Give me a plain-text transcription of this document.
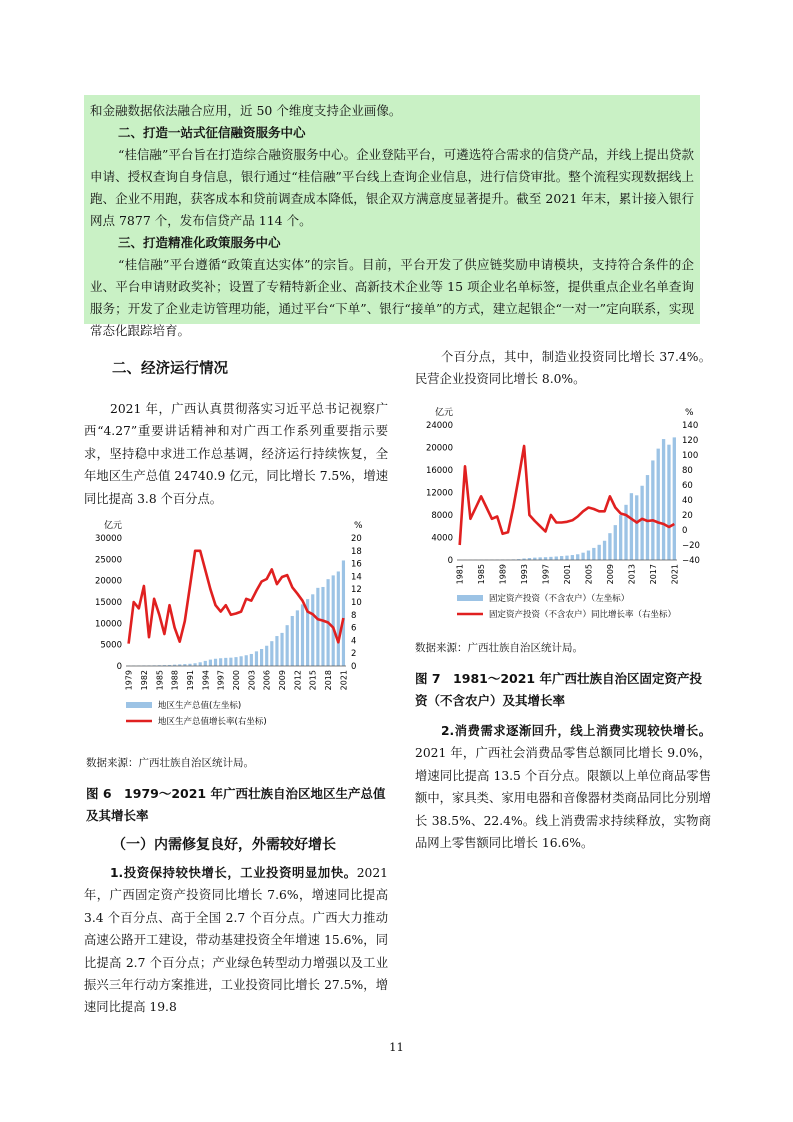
和金融数据依法融合应用，近 50 个维度支持企业画像。

二、打造一站式征信融资服务中心

“桂信融”平台旨在打造综合融资服务中心。企业登陆平台，可遴选符合需求的信贷产品，并线上提出贷款申请、授权查询自身信息，银行通过“桂信融”平台线上查询企业信息，进行信贷审批。整个流程实现数据线上跑、企业不用跑，获客成本和贷前调查成本降低，银企双方满意度显著提升。截至 2021 年末，累计接入银行网点 7877 个，发布信贷产品 114 个。

三、打造精准化政策服务中心

“桂信融”平台遵循“政策直达实体”的宗旨。目前，平台开发了供应链奖励申请模块，支持符合条件的企业、平台申请财政奖补；设置了专精特新企业、高新技术企业等 15 项企业名单标签，提供重点企业名单查询服务；开发了企业走访管理功能，通过平台“下单”、银行“接单”的方式，建立起银企“一对一”定向联系，实现常态化跟踪培育。

二、经济运行情况

2021 年，广西认真贯彻落实习近平总书记视察广西“4.27”重要讲话精神和对广西工作系列重要指示要求，坚持稳中求进工作总基调，经济运行持续恢复，全年地区生产总值 24740.9 亿元，同比增长 7.5%，增速同比提高 3.8 个百分点。

亿元	%
0
5000
10000
15000
20000
25000
30000
0
2
4
6
8
10
12
14
16
18
20
1979 1982 1985 1988 1991 1994 1997 2000 2003 2006 2009 2012 2015 2018 2021
地区生产总值(左坐标)
地区生产总值增长率(右坐标)
数据来源：广西壮族自治区统计局。
图 6　1979～2021 年广西壮族自治区地区生产总值及其增长率
（一）内需修复良好，外需较好增长

1.投资保持较快增长，工业投资明显加快。2021 年，广西固定资产投资同比增长 7.6%，增速同比提高 3.4 个百分点、高于全国 2.7 个百分点。广西大力推动高速公路开工建设，带动基建投资全年增速 15.6%，同比提高 2.7 个百分点；产业绿色转型动力增强以及工业振兴三年行动方案推进，工业投资同比增长 27.5%，增速同比提高 19.8

个百分点，其中，制造业投资同比增长 37.4%。民营企业投资同比增长 8.0%。

亿元	%
0
4000
8000
12000
16000
20000
24000
−40
−20
0
20
40
60
80
100
120
140
1981 1985 1989 1993 1997 2001 2005 2009 2013 2017 2021
固定资产投资（不含农户）（左坐标）
固定资产投资（不含农户）同比增长率（右坐标）
数据来源：广西壮族自治区统计局。
图 7　1981～2021 年广西壮族自治区固定资产投资（不含农户）及其增长率

2.消费需求逐渐回升，线上消费实现较快增长。2021 年，广西社会消费品零售总额同比增长 9.0%，增速同比提高 13.5 个百分点。限额以上单位商品零售额中，家具类、家用电器和音像器材类商品同比分别增长 38.5%、22.4%。线上消费需求持续释放，实物商品网上零售额同比增长 16.6%。

11
